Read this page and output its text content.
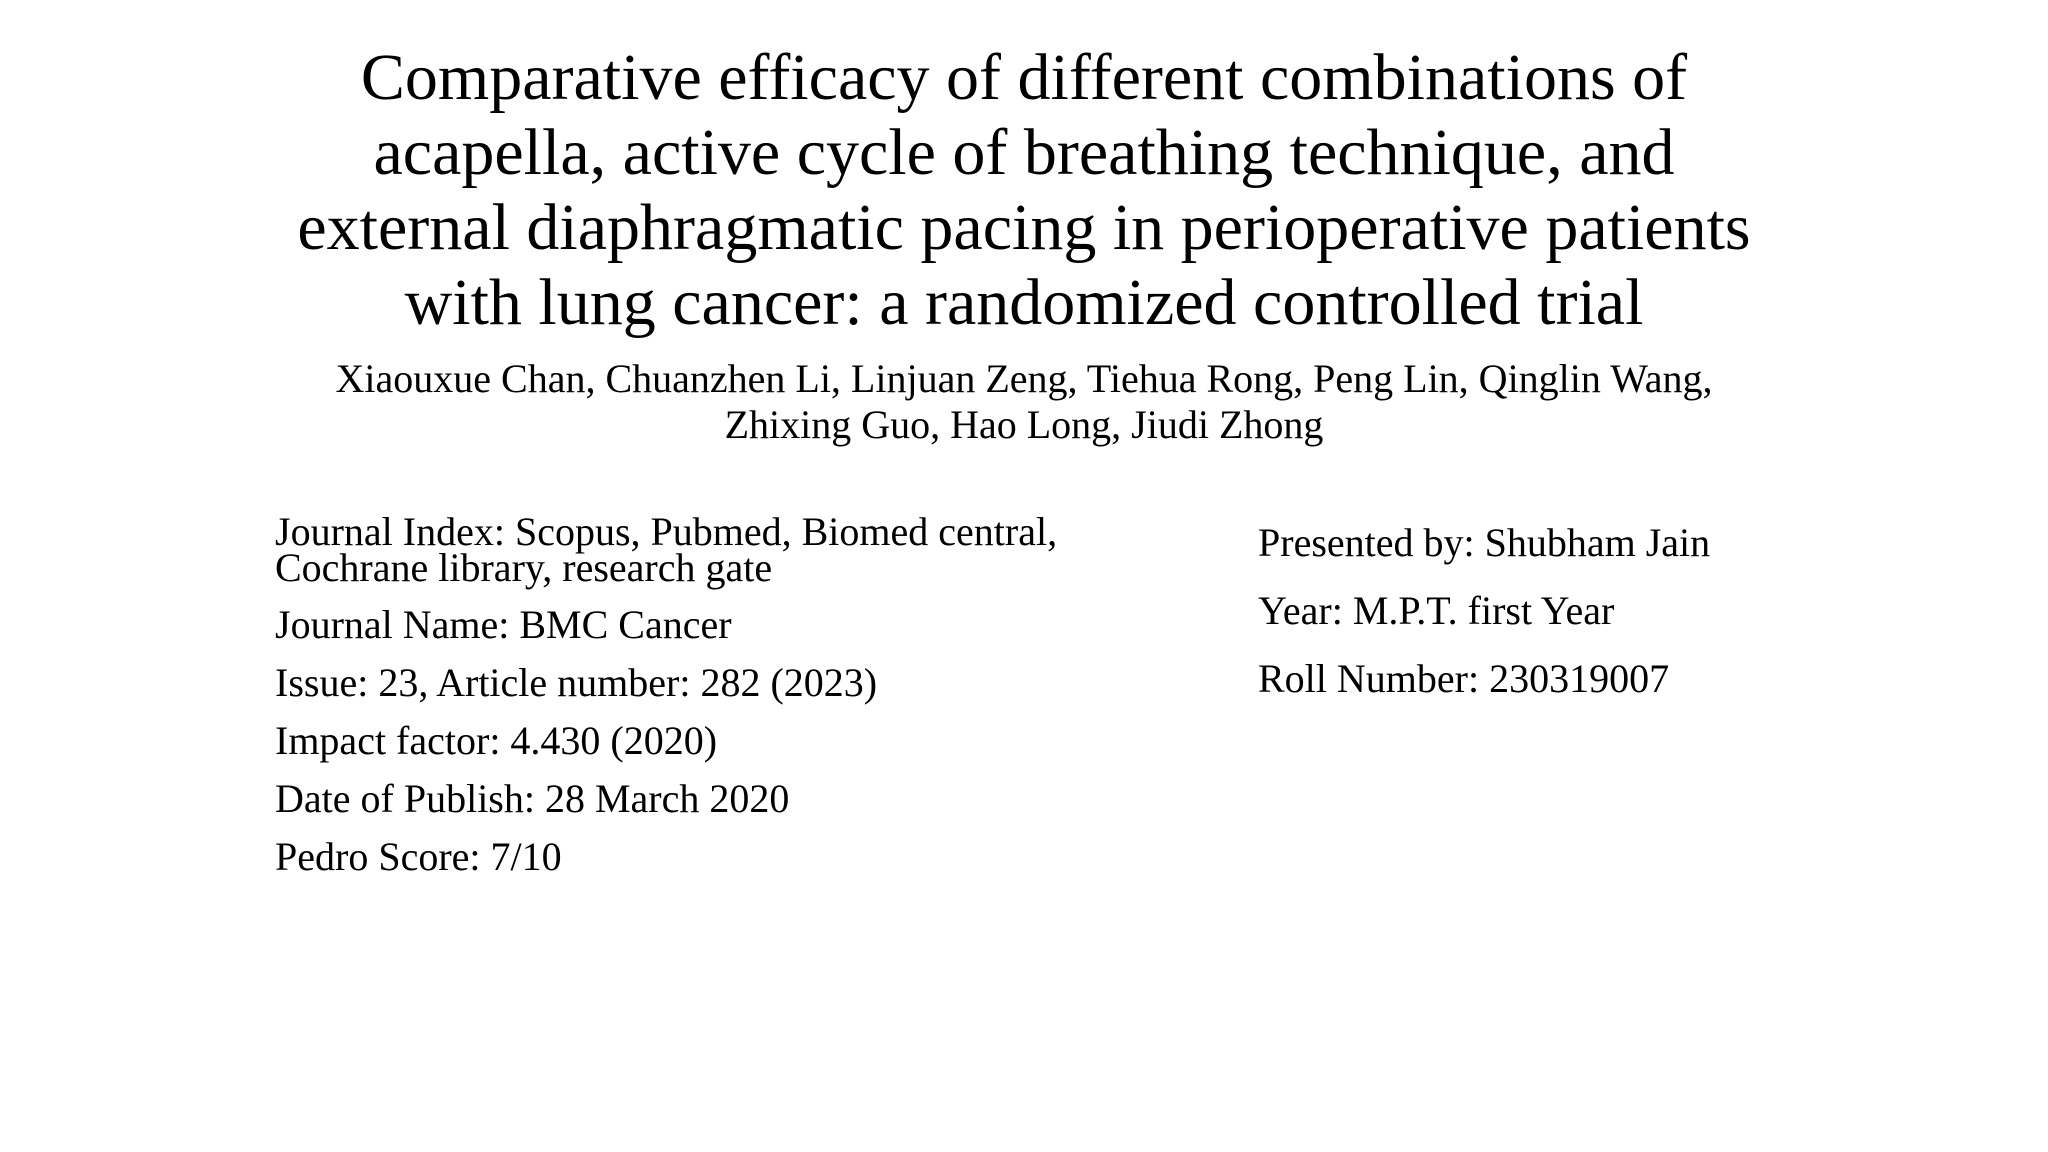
Comparative efficacy of different combinations of
acapella, active cycle of breathing technique, and
external diaphragmatic pacing in perioperative patients
with lung cancer: a randomized controlled trial

Xiaouxue Chan, Chuanzhen Li, Linjuan Zeng, Tiehua Rong, Peng Lin, Qinglin Wang,
Zhixing Guo, Hao Long, Jiudi Zhong

Journal Index: Scopus, Pubmed, Biomed central,
Cochrane library, research gate

Journal Name: BMC Cancer

Issue: 23, Article number: 282 (2023)

Impact factor: 4.430 (2020)

Date of Publish: 28 March 2020

Pedro Score: 7/10

Presented by: Shubham Jain

Year: M.P.T. first Year

Roll Number: 230319007
